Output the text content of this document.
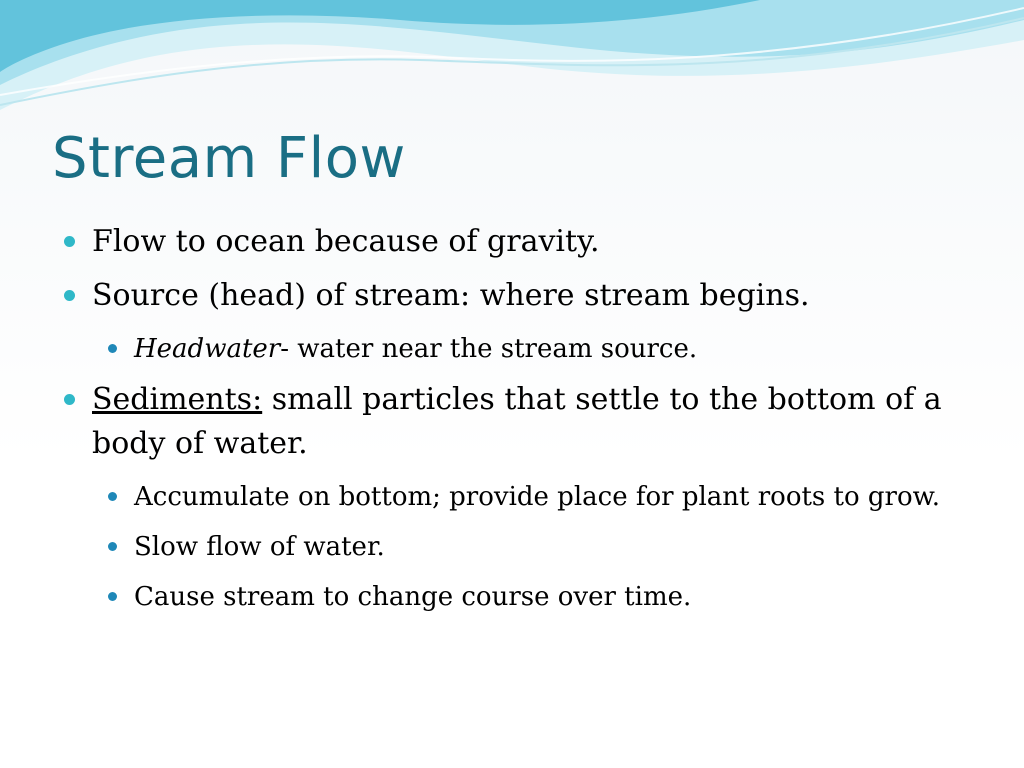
Stream Flow
Flow to ocean because of gravity.
Source (head) of stream: where stream begins.
Headwater- water near the stream source.
Sediments: small particles that settle to the bottom of a body of water.
Accumulate on bottom; provide place for plant roots to grow.
Slow flow of water.
Cause stream to change course over time.
